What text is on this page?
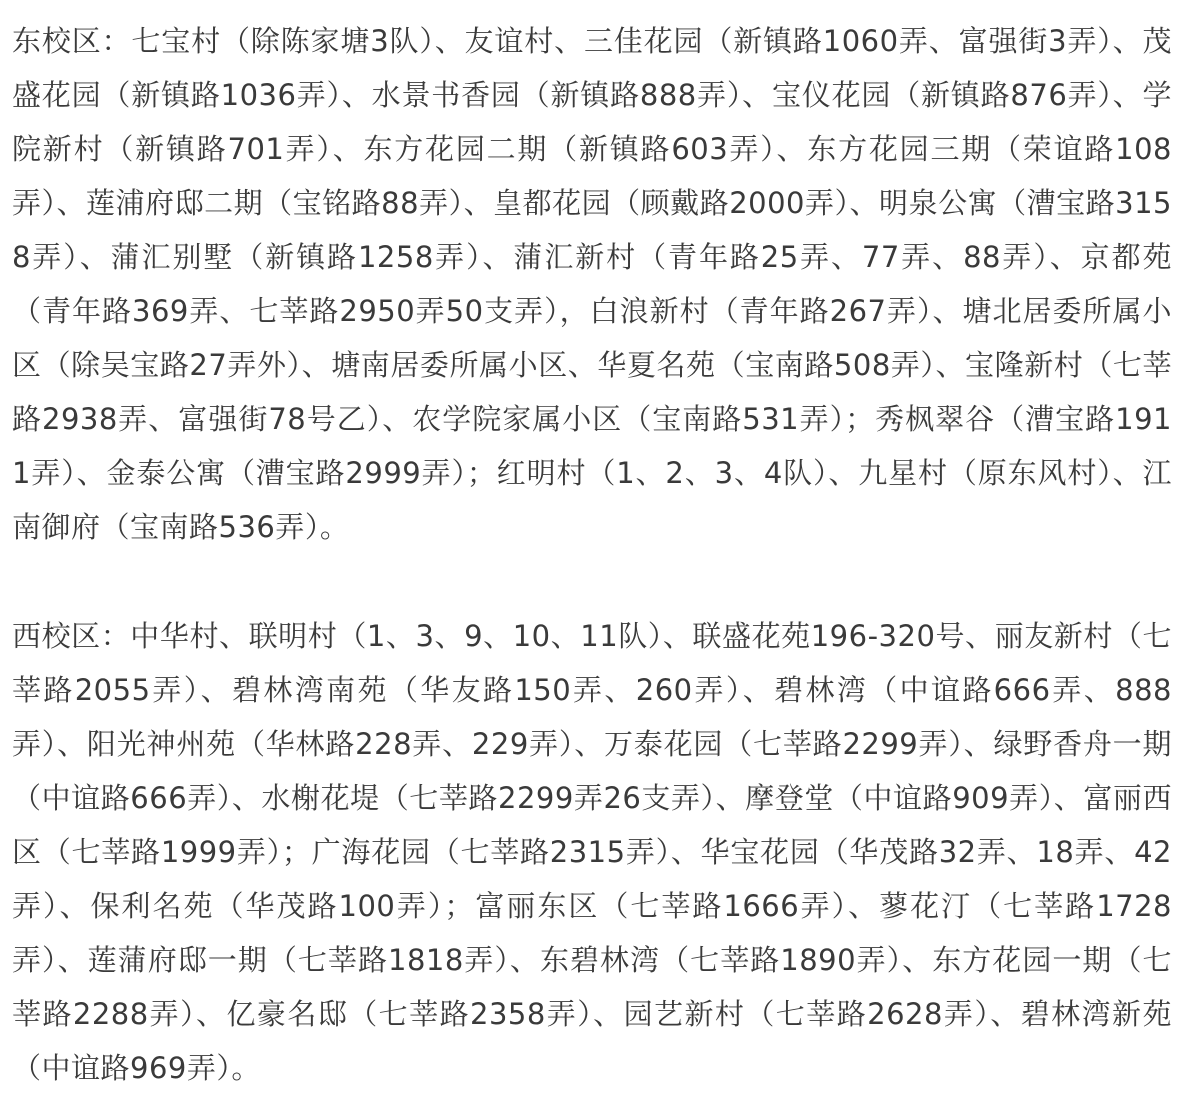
东校区：七宝村（除陈家塘3队）、友谊村、三佳花园（新镇路1060弄、富强街3弄）、茂盛花园（新镇路1036弄）、水景书香园（新镇路888弄）、宝仪花园（新镇路876弄）、学院新村（新镇路701弄）、东方花园二期（新镇路603弄）、东方花园三期（荣谊路108弄）、莲浦府邸二期（宝铭路88弄）、皇都花园（顾戴路2000弄）、明泉公寓（漕宝路3158弄）、蒲汇别墅（新镇路1258弄）、蒲汇新村（青年路25弄、77弄、88弄）、京都苑（青年路369弄、七莘路2950弄50支弄），白浪新村（青年路267弄）、塘北居委所属小区（除吴宝路27弄外）、塘南居委所属小区、华夏名苑（宝南路508弄）、宝隆新村（七莘路2938弄、富强街78号乙）、农学院家属小区（宝南路531弄）；秀枫翠谷（漕宝路1911弄）、金泰公寓（漕宝路2999弄）；红明村（1、2、3、4队）、九星村（原东风村）、江南御府（宝南路536弄）。

西校区：中华村、联明村（1、3、9、10、11队）、联盛花苑196-320号、丽友新村（七莘路2055弄）、碧林湾南苑（华友路150弄、260弄）、碧林湾（中谊路666弄、888弄）、阳光神州苑（华林路228弄、229弄）、万泰花园（七莘路2299弄）、绿野香舟一期（中谊路666弄）、水榭花堤（七莘路2299弄26支弄）、摩登堂（中谊路909弄）、富丽西区（七莘路1999弄）；广海花园（七莘路2315弄）、华宝花园（华茂路32弄、18弄、42弄）、保利名苑（华茂路100弄）；富丽东区（七莘路1666弄）、蓼花汀（七莘路1728弄）、莲蒲府邸一期（七莘路1818弄）、东碧林湾（七莘路1890弄）、东方花园一期（七莘路2288弄）、亿豪名邸（七莘路2358弄）、园艺新村（七莘路2628弄）、碧林湾新苑（中谊路969弄）。
